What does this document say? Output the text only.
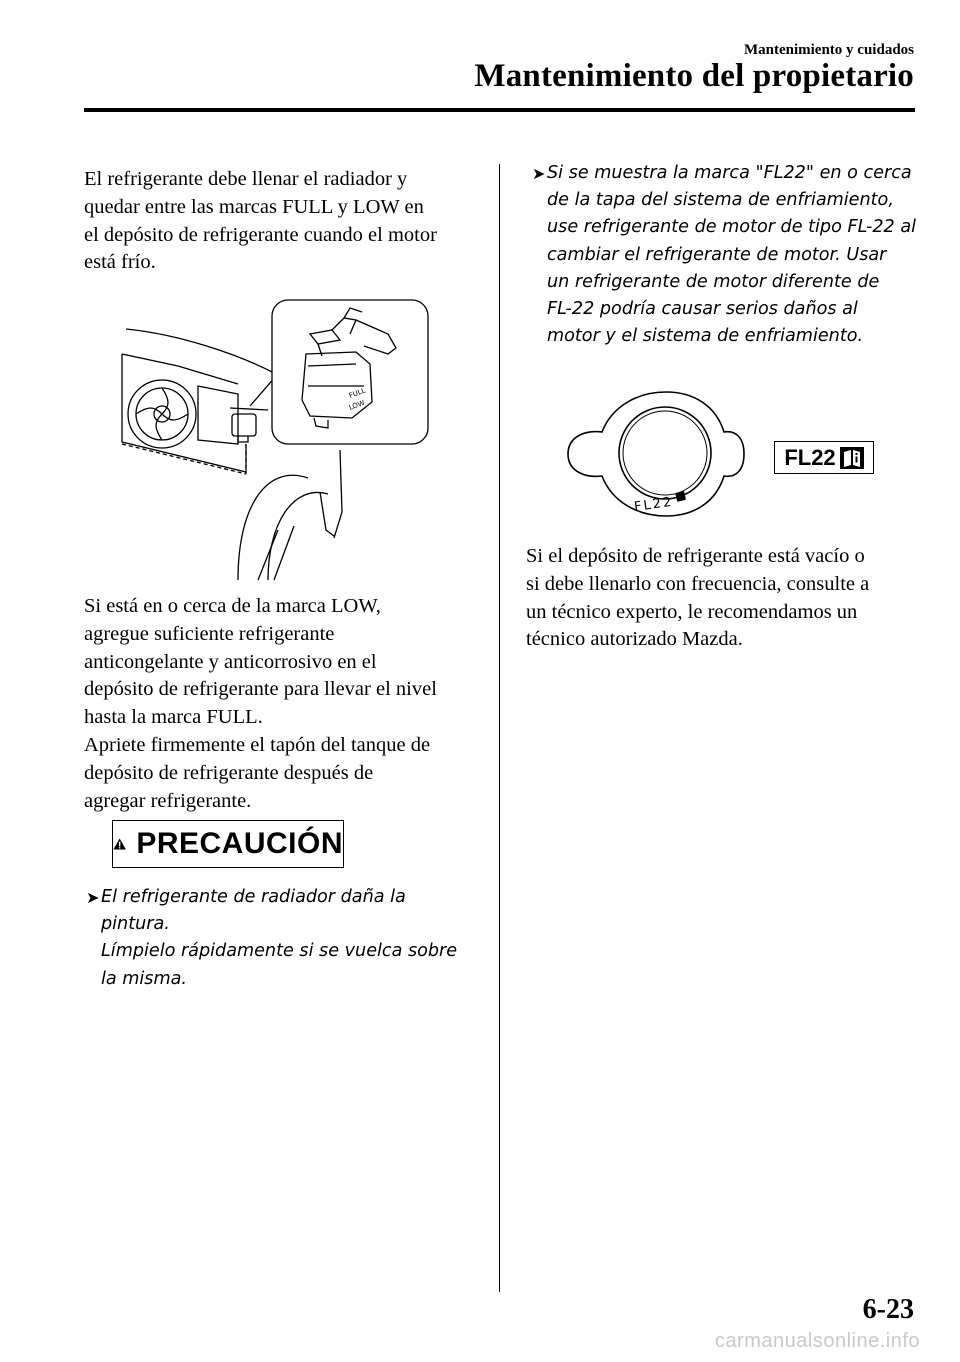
Mantenimiento y cuidados
Mantenimiento del propietario

El refrigerante debe llenar el radiador y
quedar entre las marcas FULL y LOW en
el depósito de refrigerante cuando el motor
está frío.

FULL
LOW

Si está en o cerca de la marca LOW,
agregue suficiente refrigerante
anticongelante y anticorrosivo en el
depósito de refrigerante para llevar el nivel
hasta la marca FULL.
Apriete firmemente el tapón del tanque de
depósito de refrigerante después de
agregar refrigerante.

PRECAUCIÓN
➤ El refrigerante de radiador daña la
pintura.
Límpielo rápidamente si se vuelca sobre
la misma.
➤ Si se muestra la marca "FL22" en o cerca
de la tapa del sistema de enfriamiento,
use refrigerante de motor de tipo FL-22 al
cambiar el refrigerante de motor. Usar
un refrigerante de motor diferente de
FL-22 podría causar serios daños al
motor y el sistema de enfriamiento.
FL22
FL22

Si el depósito de refrigerante está vacío o
si debe llenarlo con frecuencia, consulte a
un técnico experto, le recomendamos un
técnico autorizado Mazda.

6-23
carmanualsonline.info
